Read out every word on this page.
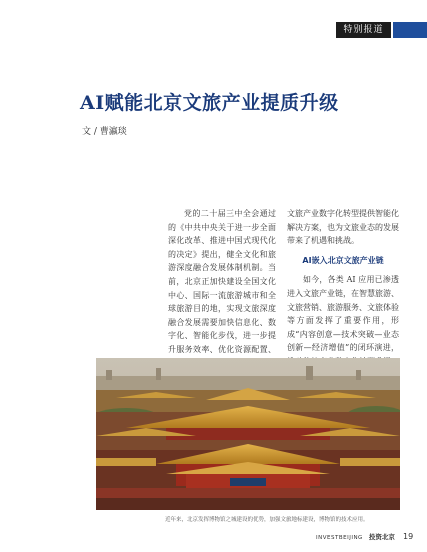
特别报道
AI赋能北京文旅产业提质升级
文 / 曹瀛琰

党的二十届三中全会通过的《中共中央关于进一步全面深化改革、推进中国式现代化的决定》提出，健全文化和旅游深度融合发展体制机制。当前，北京正加快建设全国文化中心、国际一流旅游城市和全球旅游目的地，实现文旅深度融合发展需要加快信息化、数字化、智能化步伐，进一步提升服务效率、优化资源配置、

文旅产业数字化转型提供智能化解决方案，也为文旅业态的发展带来了机遇和挑战。

AI嵌入北京文旅产业链

如今，各类 AI 应用已渗透进入文旅产业链，在智慧旅游、文旅营销、旅游服务、文旅体验等方面发挥了重要作用，形成“内容创意—技术突破—业态创新—经济增值”的闭环演进，

近年来，北京发挥博物馆之城建设的优势，加强文旅地标建设，博物馆的技术应用。
INVESTBEIJING 投资北京 19
